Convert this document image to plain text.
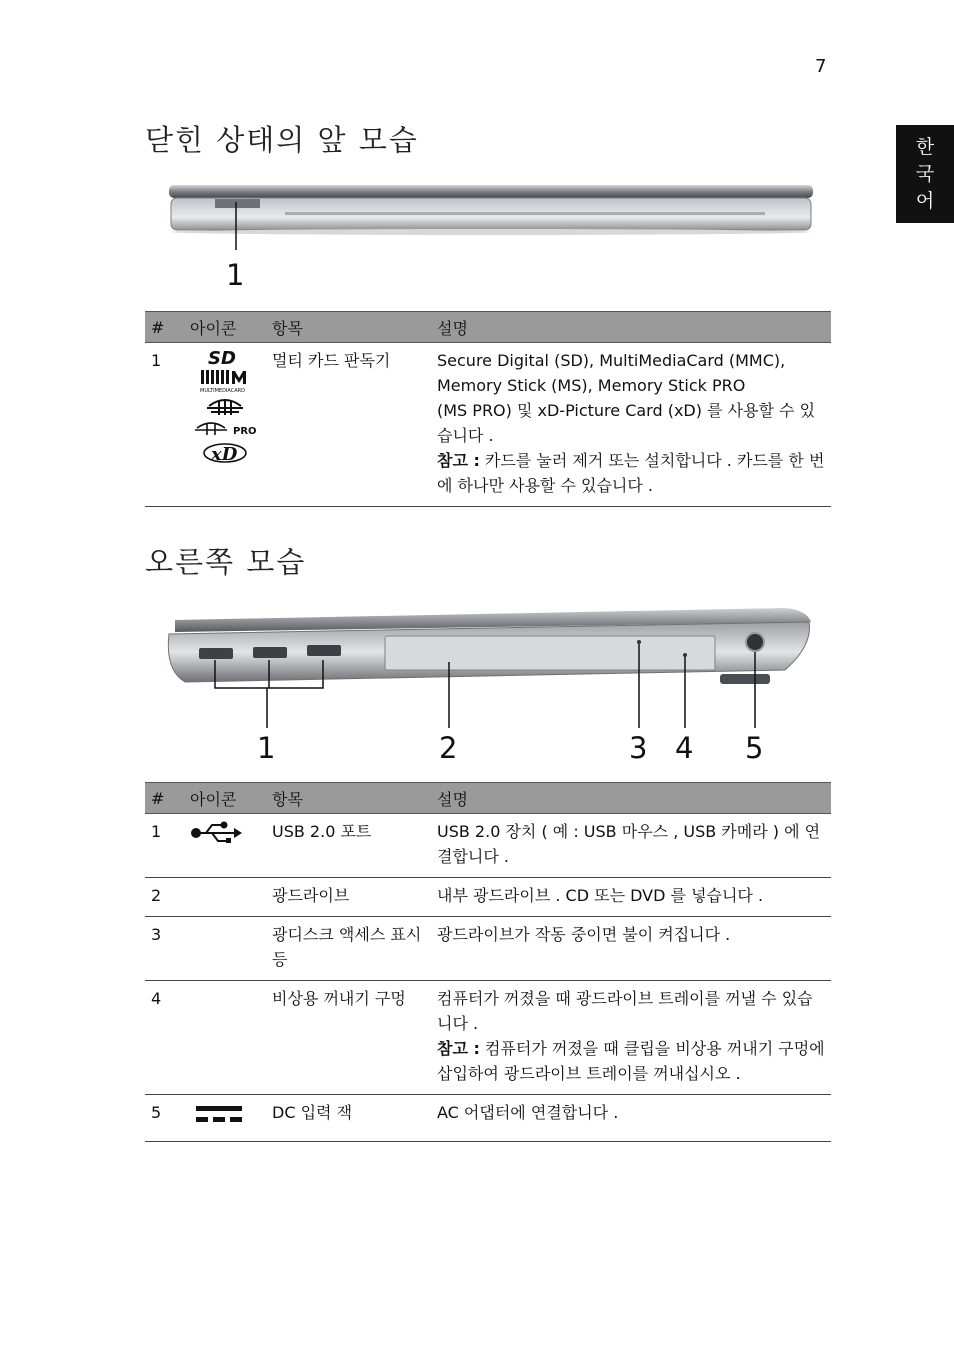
7
한
국
어
닫힌 상태의 앞 모습
1
#	아이콘	항목	설명
1	SD
MULTIMEDIACARD
PRO
xD	멀티 카드 판독기	Secure Digital (SD), MultiMediaCard (MMC), Memory Stick (MS), Memory Stick PRO
(MS PRO) 및 xD-Picture Card (xD) 를 사용할 수 있습니다 .
참고 : 카드를 눌러 제거 또는 설치합니다 . 카드를 한 번에 하나만 사용할 수 있습니다 .
오른쪽 모습
1	2	3 4 5
#	아이콘	항목	설명
1		USB 2.0 포트	USB 2.0 장치 ( 예 : USB 마우스 , USB 카메라 ) 에 연결합니다 .
2		광드라이브	내부 광드라이브 . CD 또는 DVD 를 넣습니다 .
3		광디스크 액세스 표시등	광드라이브가 작동 중이면 불이 켜집니다 .
4		비상용 꺼내기 구멍	컴퓨터가 꺼졌을 때 광드라이브 트레이를 꺼낼 수 있습니다 .
참고 : 컴퓨터가 꺼졌을 때 클립을 비상용 꺼내기 구멍에 삽입하여 광드라이브 트레이를 꺼내십시오 .

5		DC 입력 잭	AC 어댑터에 연결합니다 .
